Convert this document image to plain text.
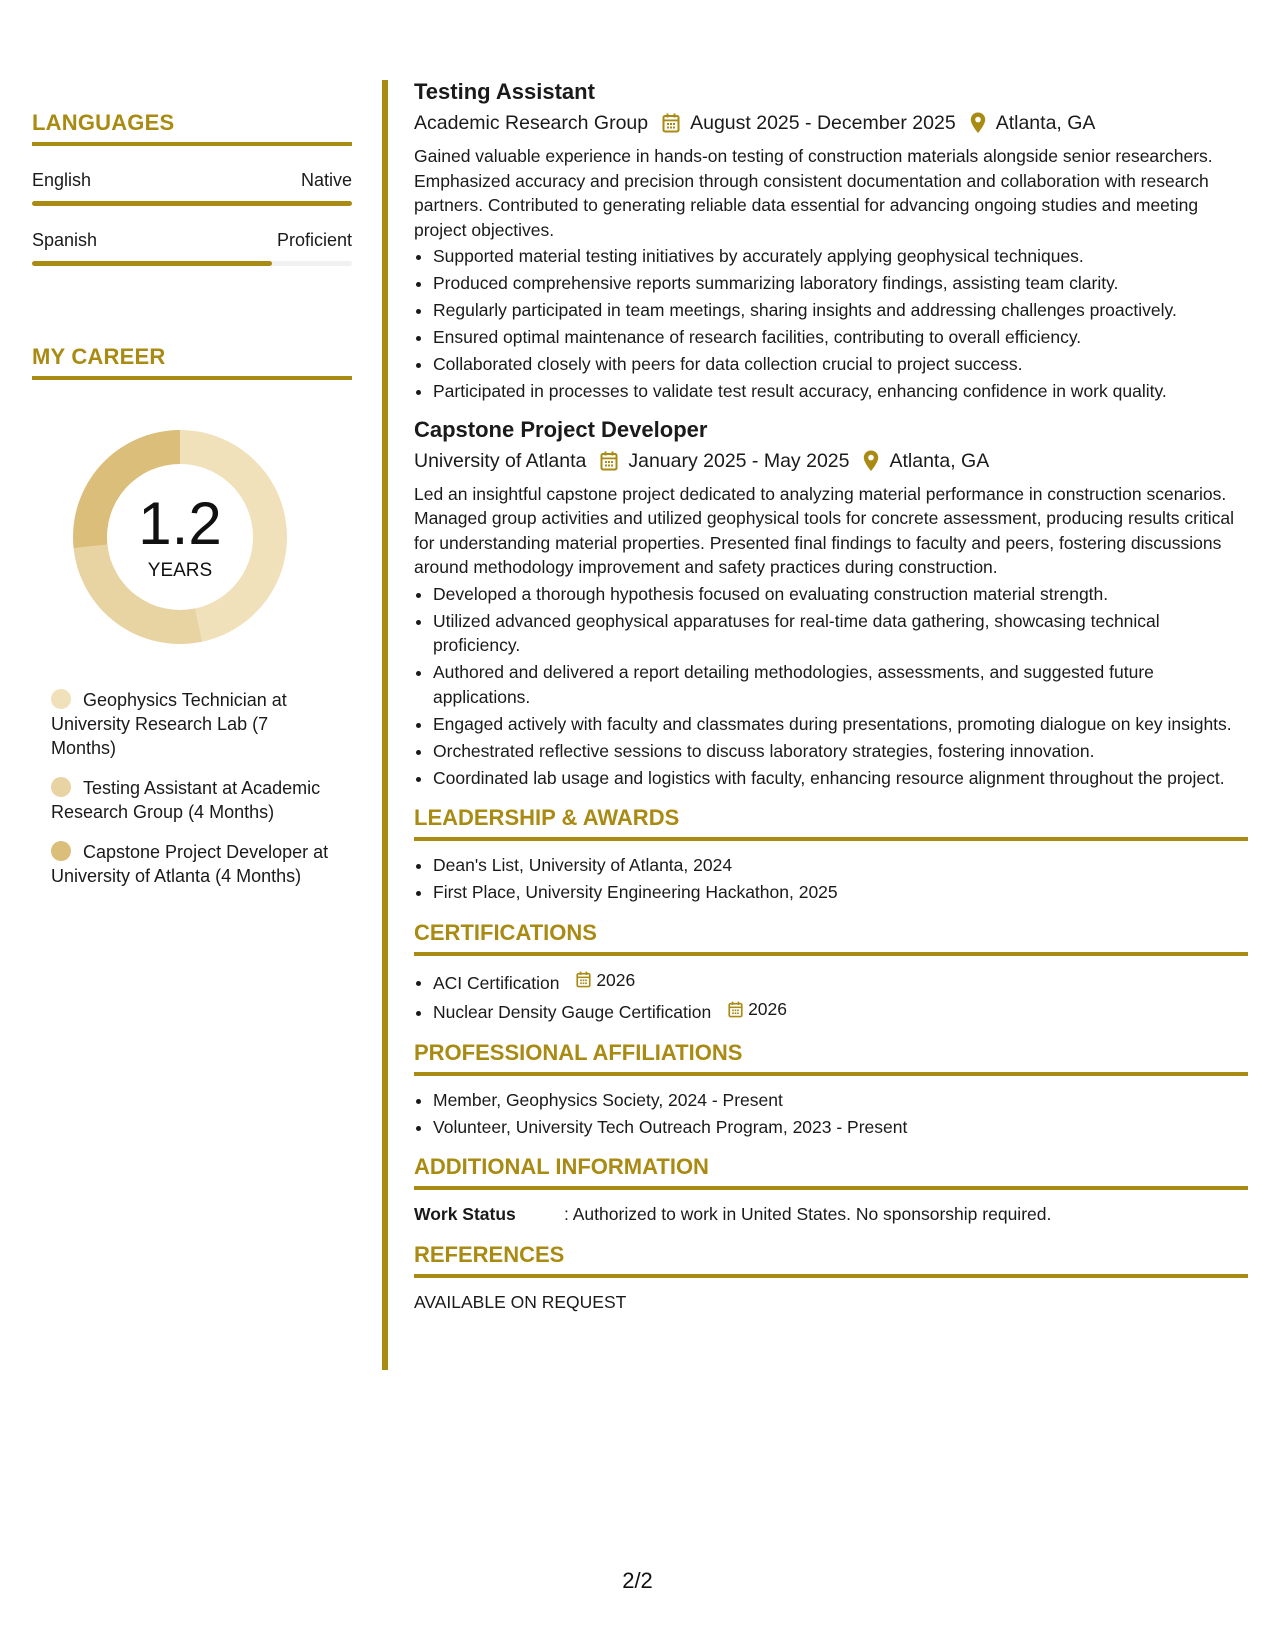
LANGUAGES
English	Native
Spanish	Proficient
MY CAREER
1.2
YEARS
Geophysics Technician at University Research Lab (7 Months)
Testing Assistant at Academic Research Group (4 Months)
Capstone Project Developer at University of Atlanta (4 Months)
Testing Assistant
Academic Research Group August 2025 - December 2025 Atlanta, GA

Gained valuable experience in hands-on testing of construction materials alongside senior researchers. Emphasized accuracy and precision through consistent documentation and collaboration with research partners. Contributed to generating reliable data essential for advancing ongoing studies and meeting project objectives.

• Supported material testing initiatives by accurately applying geophysical techniques.
• Produced comprehensive reports summarizing laboratory findings, assisting team clarity.
• Regularly participated in team meetings, sharing insights and addressing challenges proactively.
• Ensured optimal maintenance of research facilities, contributing to overall efficiency.
• Collaborated closely with peers for data collection crucial to project success.
• Participated in processes to validate test result accuracy, enhancing confidence in work quality.
Capstone Project Developer
University of Atlanta January 2025 - May 2025 Atlanta, GA

Led an insightful capstone project dedicated to analyzing material performance in construction scenarios. Managed group activities and utilized geophysical tools for concrete assessment, producing results critical for understanding material properties. Presented final findings to faculty and peers, fostering discussions around methodology improvement and safety practices during construction.

• Developed a thorough hypothesis focused on evaluating construction material strength.
• Utilized advanced geophysical apparatuses for real-time data gathering, showcasing technical proficiency.
• Authored and delivered a report detailing methodologies, assessments, and suggested future applications.
• Engaged actively with faculty and classmates during presentations, promoting dialogue on key insights.
• Orchestrated reflective sessions to discuss laboratory strategies, fostering innovation.
• Coordinated lab usage and logistics with faculty, enhancing resource alignment throughout the project.
LEADERSHIP & AWARDS
• Dean's List, University of Atlanta, 2024
• First Place, University Engineering Hackathon, 2025
CERTIFICATIONS
• ACI Certification 2026
• Nuclear Density Gauge Certification 2026
PROFESSIONAL AFFILIATIONS
• Member, Geophysics Society, 2024 - Present
• Volunteer, University Tech Outreach Program, 2023 - Present
ADDITIONAL INFORMATION
Work Status	: Authorized to work in United States. No sponsorship required.
REFERENCES
AVAILABLE ON REQUEST
2/2
